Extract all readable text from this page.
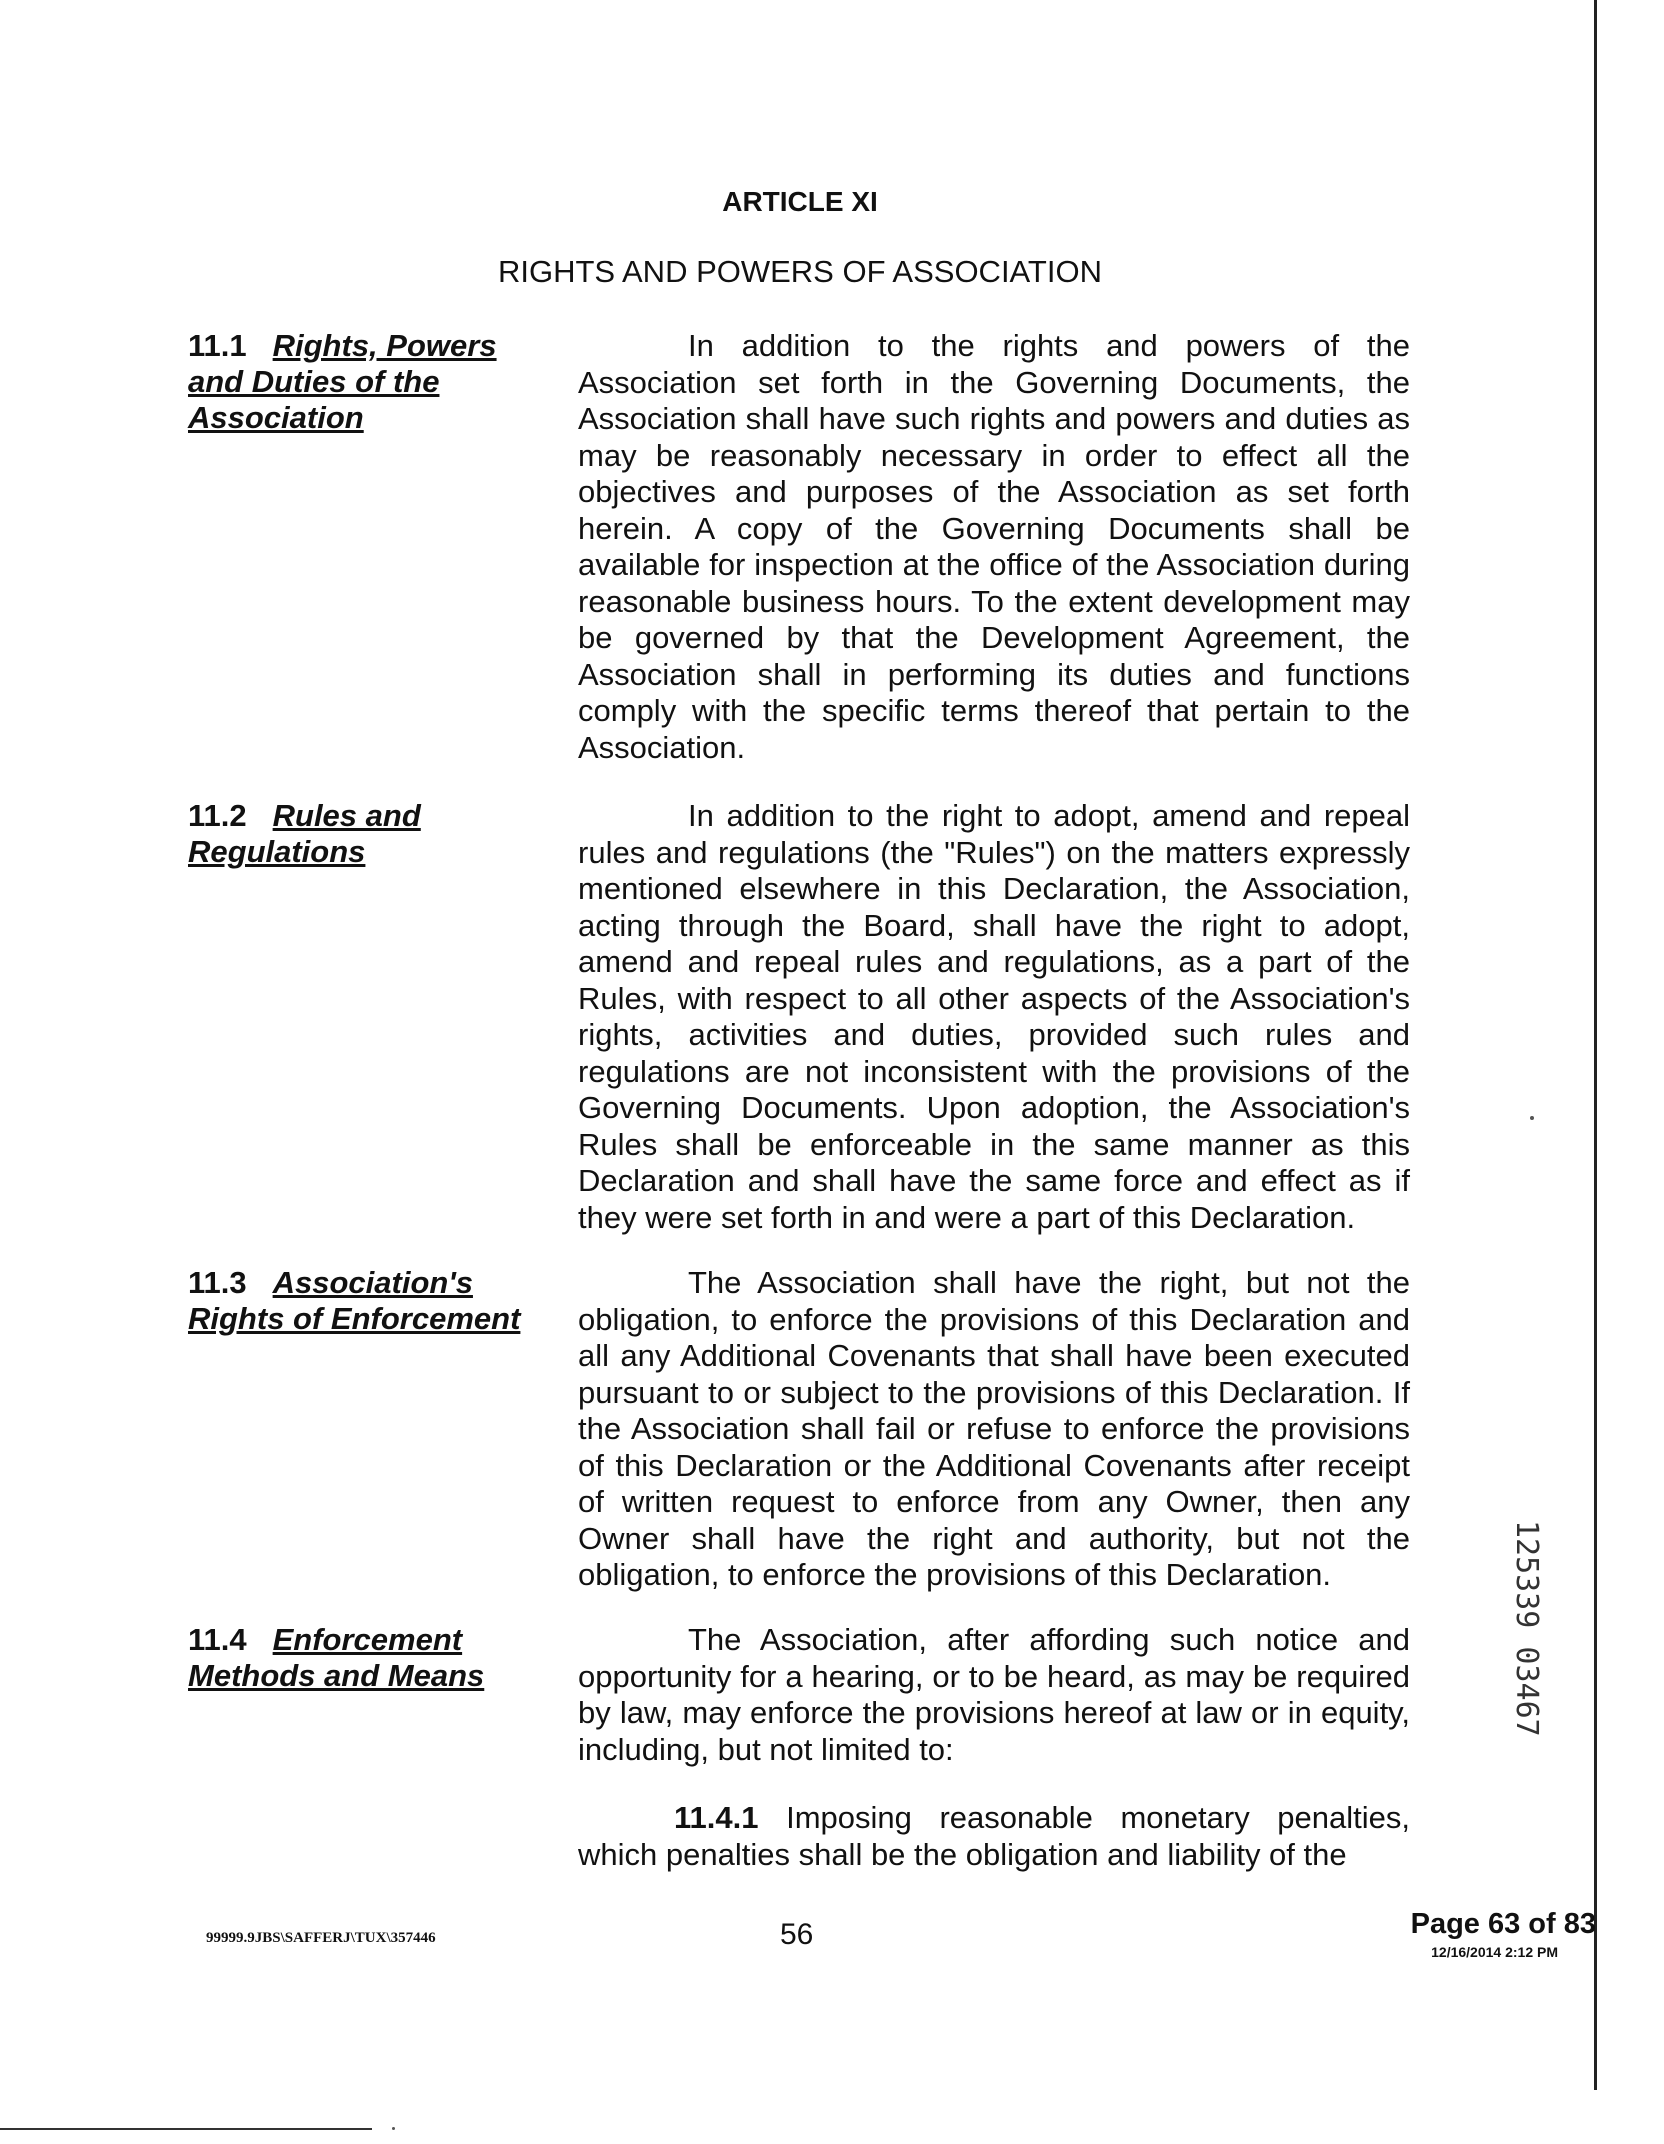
ARTICLE XI
RIGHTS AND POWERS OF ASSOCIATION
11.1 Rights, Powers and Duties of the Association
In addition to the rights and powers of the Association set forth in the Governing Documents, the Association shall have such rights and powers and duties as may be reasonably necessary in order to effect all the objectives and purposes of the Association as set forth herein. A copy of the Governing Documents shall be available for inspection at the office of the Association during reasonable business hours. To the extent development may be governed by that the Development Agreement, the Association shall in performing its duties and functions comply with the specific terms thereof that pertain to the Association.
11.2 Rules and Regulations
In addition to the right to adopt, amend and repeal rules and regulations (the "Rules") on the matters expressly mentioned elsewhere in this Declaration, the Association, acting through the Board, shall have the right to adopt, amend and repeal rules and regulations, as a part of the Rules, with respect to all other aspects of the Association's rights, activities and duties, provided such rules and regulations are not inconsistent with the provisions of the Governing Documents. Upon adoption, the Association's Rules shall be enforceable in the same manner as this Declaration and shall have the same force and effect as if they were set forth in and were a part of this Declaration.
11.3 Association's Rights of Enforcement
The Association shall have the right, but not the obligation, to enforce the provisions of this Declaration and all any Additional Covenants that shall have been executed pursuant to or subject to the provisions of this Declaration. If the Association shall fail or refuse to enforce the provisions of this Declaration or the Additional Covenants after receipt of written request to enforce from any Owner, then any Owner shall have the right and authority, but not the obligation, to enforce the provisions of this Declaration.
11.4 Enforcement Methods and Means
The Association, after affording such notice and opportunity for a hearing, or to be heard, as may be required by law, may enforce the provisions hereof at law or in equity, including, but not limited to:
11.4.1 Imposing reasonable monetary penalties, which penalties shall be the obligation and liability of the
125339 03467
99999.9JBS\SAFFERJ\TUX\357446	56	Page 63 of 83
12/16/2014 2:12 PM
